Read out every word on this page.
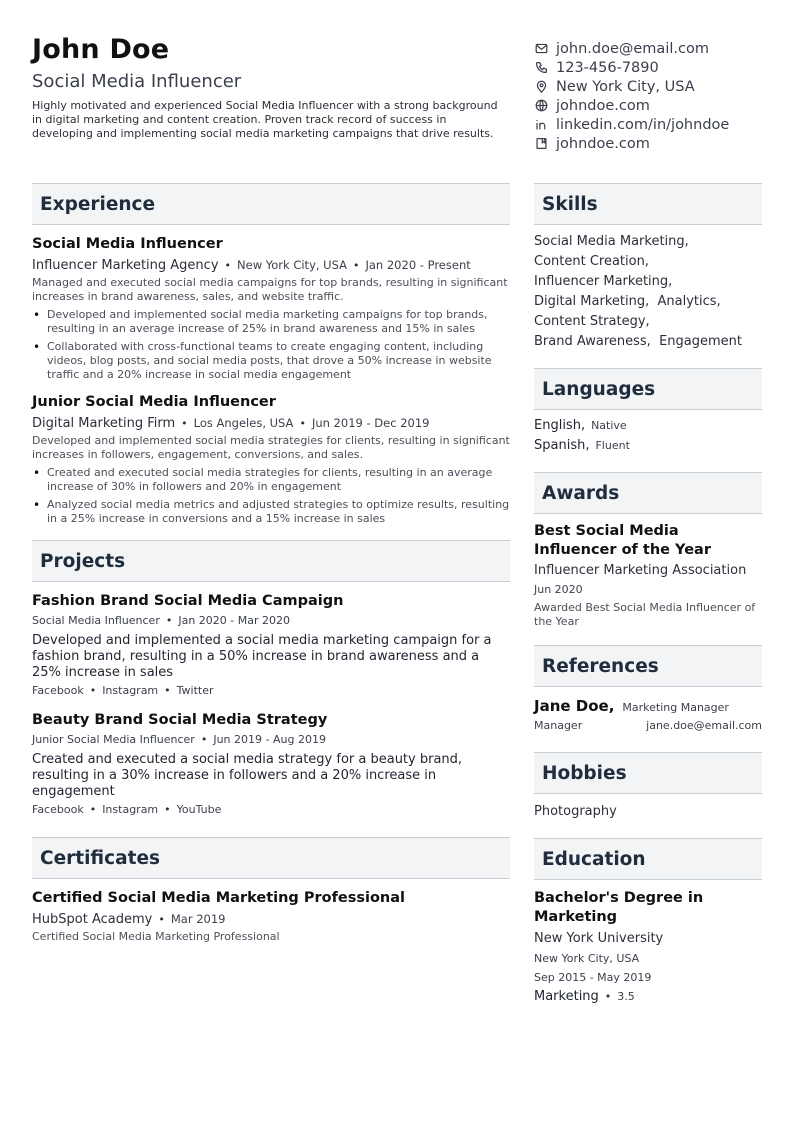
John Doe
Social Media Influencer
Highly motivated and experienced Social Media Influencer with a strong background in digital marketing and content creation. Proven track record of success in developing and implementing social media marketing campaigns that drive results.
john.doe@email.com
123-456-7890
New York City, USA
johndoe.com
linkedin.com/in/johndoe
johndoe.com
Experience
Social Media Influencer
Influencer Marketing Agency • New York City, USA • Jan 2020 - Present
Managed and executed social media campaigns for top brands, resulting in significant increases in brand awareness, sales, and website traffic.
• Developed and implemented social media marketing campaigns for top brands, resulting in an average increase of 25% in brand awareness and 15% in sales
• Collaborated with cross-functional teams to create engaging content, including videos, blog posts, and social media posts, that drove a 50% increase in website traffic and a 20% increase in social media engagement
Junior Social Media Influencer
Digital Marketing Firm • Los Angeles, USA • Jun 2019 - Dec 2019
Developed and implemented social media strategies for clients, resulting in significant increases in followers, engagement, conversions, and sales.
• Created and executed social media strategies for clients, resulting in an average increase of 30% in followers and 20% in engagement
• Analyzed social media metrics and adjusted strategies to optimize results, resulting in a 25% increase in conversions and a 15% increase in sales
Projects
Fashion Brand Social Media Campaign
Social Media Influencer • Jan 2020 - Mar 2020
Developed and implemented a social media marketing campaign for a fashion brand, resulting in a 50% increase in brand awareness and a 25% increase in sales
Facebook • Instagram • Twitter
Beauty Brand Social Media Strategy
Junior Social Media Influencer • Jun 2019 - Aug 2019
Created and executed a social media strategy for a beauty brand, resulting in a 30% increase in followers and a 20% increase in engagement
Facebook • Instagram • YouTube
Certificates
Certified Social Media Marketing Professional
HubSpot Academy • Mar 2019
Certified Social Media Marketing Professional
Skills
Social Media Marketing,
Content Creation,
Influencer Marketing,
Digital Marketing, Analytics,
Content Strategy,
Brand Awareness, Engagement
Languages
English, Native
Spanish, Fluent
Awards
Best Social Media Influencer of the Year
Influencer Marketing Association
Jun 2020
Awarded Best Social Media Influencer of the Year
References
Jane Doe, Marketing Manager
Manager	jane.doe@email.com
Hobbies
Photography
Education
Bachelor's Degree in Marketing
New York University
New York City, USA
Sep 2015 - May 2019
Marketing • 3.5
